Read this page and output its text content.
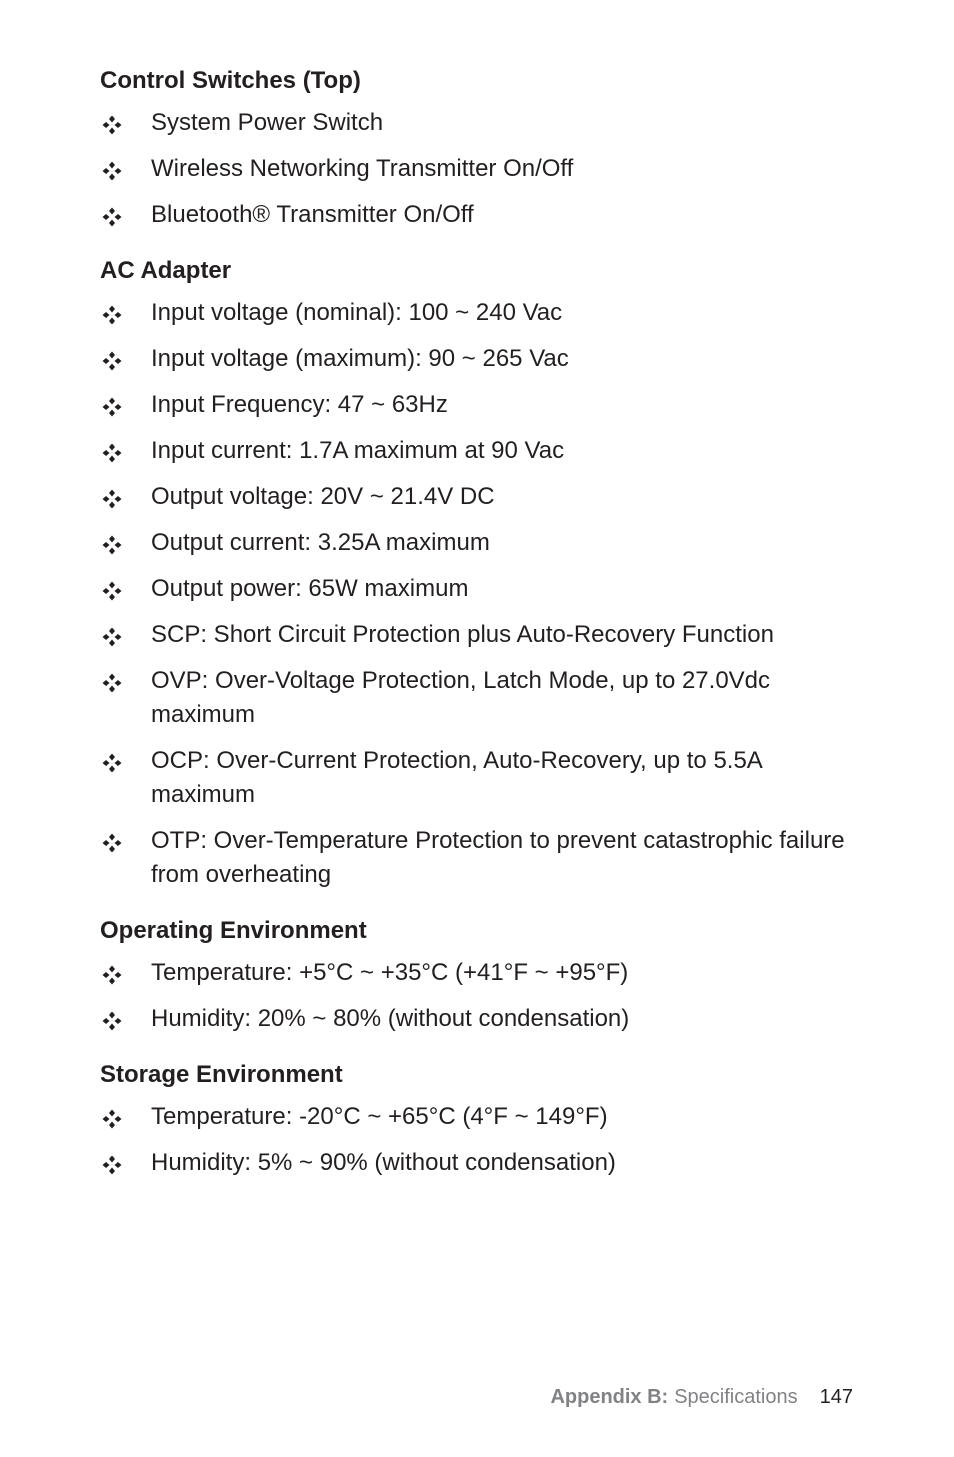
Control Switches (Top)
System Power Switch
Wireless Networking Transmitter On/Off
Bluetooth® Transmitter On/Off
AC Adapter
Input voltage (nominal): 100 ~ 240 Vac
Input voltage (maximum): 90 ~ 265 Vac
Input Frequency: 47 ~ 63Hz
Input current: 1.7A maximum at 90 Vac
Output voltage: 20V ~ 21.4V DC
Output current: 3.25A maximum
Output power: 65W maximum
SCP: Short Circuit Protection plus Auto-Recovery Function
OVP: Over-Voltage Protection, Latch Mode, up to 27.0Vdc maximum
OCP: Over-Current Protection, Auto-Recovery, up to 5.5A maximum
OTP: Over-Temperature Protection to prevent catastrophic failure from overheating
Operating Environment
Temperature: +5°C ~ +35°C (+41°F ~ +95°F)
Humidity: 20% ~ 80% (without condensation)
Storage Environment
Temperature: -20°C ~ +65°C (4°F ~ 149°F)
Humidity: 5% ~ 90% (without condensation)
Appendix B: Specifications 147
